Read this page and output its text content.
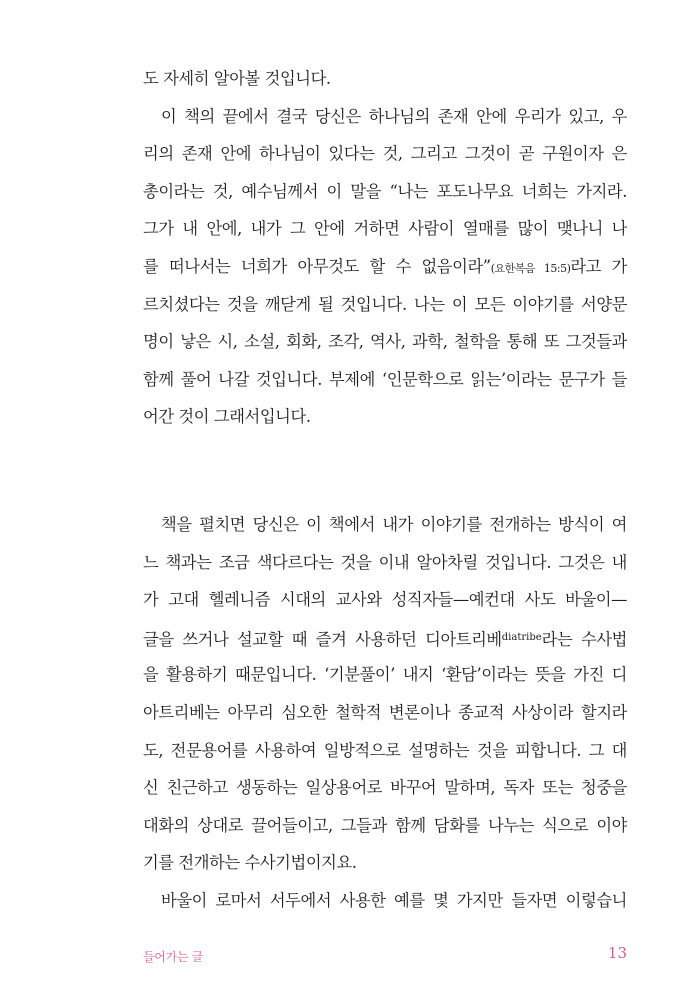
도 자세히 알아볼 것입니다.
이 책의 끝에서 결국 당신은 하나님의 존재 안에 우리가 있고, 우
리의 존재 안에 하나님이 있다는 것, 그리고 그것이 곧 구원이자 은
총이라는 것, 예수님께서 이 말을 “나는 포도나무요 너희는 가지라.
그가 내 안에, 내가 그 안에 거하면 사람이 열매를 많이 맺나니 나
를 떠나서는 너희가 아무것도 할 수 없음이라”(요한복음 15:5)라고 가
르치셨다는 것을 깨닫게 될 것입니다. 나는 이 모든 이야기를 서양문
명이 낳은 시, 소설, 회화, 조각, 역사, 과학, 철학을 통해 또 그것들과
함께 풀어 나갈 것입니다. 부제에 ‘인문학으로 읽는’이라는 문구가 들
어간 것이 그래서입니다.
책을 펼치면 당신은 이 책에서 내가 이야기를 전개하는 방식이 여
느 책과는 조금 색다르다는 것을 이내 알아차릴 것입니다. 그것은 내
가 고대 헬레니즘 시대의 교사와 성직자들—예컨대 사도 바울이—
글을 쓰거나 설교할 때 즐겨 사용하던 디아트리베$^{diatribe}$라는 수사법
을 활용하기 때문입니다. ‘기분풀이’ 내지 ‘환담’이라는 뜻을 가진 디
아트리베는 아무리 심오한 철학적 변론이나 종교적 사상이라 할지라
도, 전문용어를 사용하여 일방적으로 설명하는 것을 피합니다. 그 대
신 친근하고 생동하는 일상용어로 바꾸어 말하며, 독자 또는 청중을
대화의 상대로 끌어들이고, 그들과 함께 담화를 나누는 식으로 이야
기를 전개하는 수사기법이지요.
바울이 로마서 서두에서 사용한 예를 몇 가지만 들자면 이렇습니
들어가는 글	13
